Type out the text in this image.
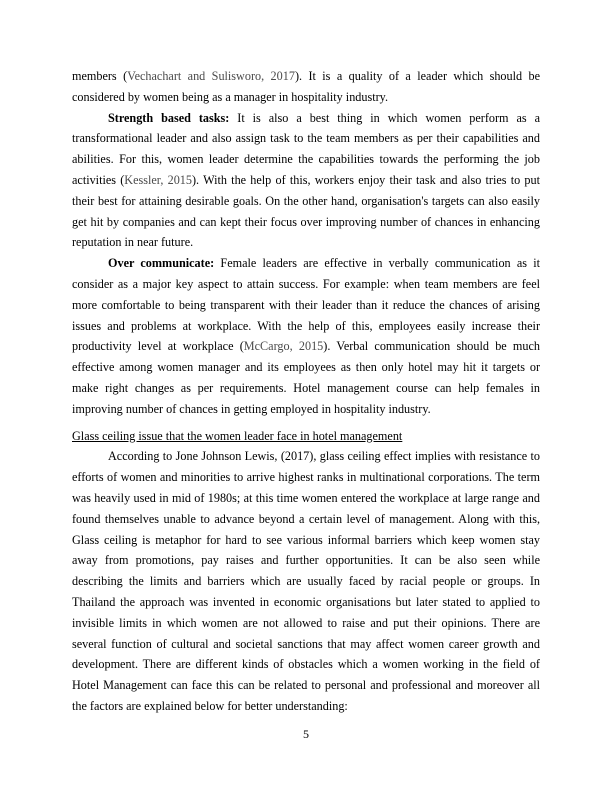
members (Vechachart and Sulisworo, 2017). It is a quality of a leader which should be considered by women being as a manager in hospitality industry.

Strength based tasks: It is also a best thing in which women perform as a transformational leader and also assign task to the team members as per their capabilities and abilities. For this, women leader determine the capabilities towards the performing the job activities (Kessler, 2015). With the help of this, workers enjoy their task and also tries to put their best for attaining desirable goals. On the other hand, organisation's targets can also easily get hit by companies and can kept their focus over improving number of chances in enhancing reputation in near future.

Over communicate: Female leaders are effective in verbally communication as it consider as a major key aspect to attain success. For example: when team members are feel more comfortable to being transparent with their leader than it reduce the chances of arising issues and problems at workplace. With the help of this, employees easily increase their productivity level at workplace (McCargo, 2015). Verbal communication should be much effective among women manager and its employees as then only hotel may hit it targets or make right changes as per requirements. Hotel management course can help females in improving number of chances in getting employed in hospitality industry.

Glass ceiling issue that the women leader face in hotel management

According to Jone Johnson Lewis, (2017), glass ceiling effect implies with resistance to efforts of women and minorities to arrive highest ranks in multinational corporations. The term was heavily used in mid of 1980s; at this time women entered the workplace at large range and found themselves unable to advance beyond a certain level of management. Along with this, Glass ceiling is metaphor for hard to see various informal barriers which keep women stay away from promotions, pay raises and further opportunities. It can be also seen while describing the limits and barriers which are usually faced by racial people or groups. In Thailand the approach was invented in economic organisations but later stated to applied to invisible limits in which women are not allowed to raise and put their opinions. There are several function of cultural and societal sanctions that may affect women career growth and development. There are different kinds of obstacles which a women working in the field of Hotel Management can face this can be related to personal and professional and moreover all the factors are explained below for better understanding:

5
